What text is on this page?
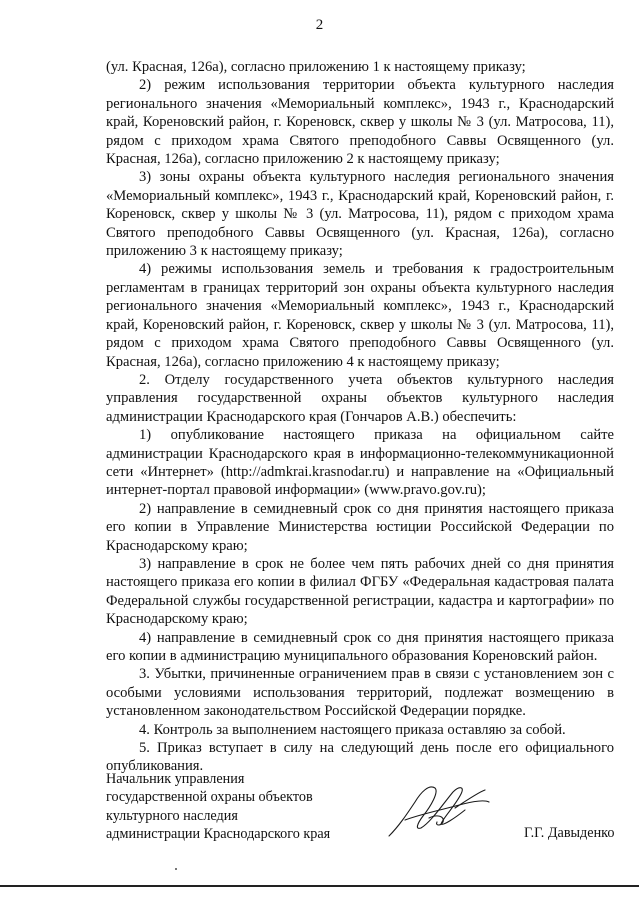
2

(ул. Красная, 126а), согласно приложению 1 к настоящему приказу;

2) режим использования территории объекта культурного наследия регионального значения «Мемориальный комплекс», 1943 г., Краснодарский край, Кореновский район, г. Кореновск, сквер у школы № 3 (ул. Матросова, 11), рядом с приходом храма Святого преподобного Саввы Освященного (ул. Красная, 126а), согласно приложению 2 к настоящему приказу;

3) зоны охраны объекта культурного наследия регионального значения «Мемориальный комплекс», 1943 г., Краснодарский край, Кореновский район, г. Кореновск, сквер у школы № 3 (ул. Матросова, 11), рядом с приходом храма Святого преподобного Саввы Освященного (ул. Красная, 126а), согласно приложению 3 к настоящему приказу;

4) режимы использования земель и требования к градостроительным регламентам в границах территорий зон охраны объекта культурного наследия регионального значения «Мемориальный комплекс», 1943 г., Краснодарский край, Кореновский район, г. Кореновск, сквер у школы № 3 (ул. Матросова, 11), рядом с приходом храма Святого преподобного Саввы Освященного (ул. Красная, 126а), согласно приложению 4 к настоящему приказу;

2. Отделу государственного учета объектов культурного наследия управления государственной охраны объектов культурного наследия администрации Краснодарского края (Гончаров А.В.) обеспечить:

1) опубликование настоящего приказа на официальном сайте администрации Краснодарского края в информационно-телекоммуникационной сети «Интернет» (http://admkrai.krasnodar.ru) и направление на «Официальный интернет-портал правовой информации» (www.pravo.gov.ru);

2) направление в семидневный срок со дня принятия настоящего приказа его копии в Управление Министерства юстиции Российской Федерации по Краснодарскому краю;

3) направление в срок не более чем пять рабочих дней со дня принятия настоящего приказа его копии в филиал ФГБУ «Федеральная кадастровая палата Федеральной службы государственной регистрации, кадастра и картографии» по Краснодарскому краю;

4) направление в семидневный срок со дня принятия настоящего приказа его копии в администрацию муниципального образования Кореновский район.

3. Убытки, причиненные ограничением прав в связи с установлением зон с особыми условиями использования территорий, подлежат возмещению в установленном законодательством Российской Федерации порядке.

4. Контроль за выполнением настоящего приказа оставляю за собой.

5. Приказ вступает в силу на следующий день после его официального опубликования.

Начальник управления
государственной охраны объектов
культурного наследия
администрации Краснодарского края	Г.Г. Давыденко
